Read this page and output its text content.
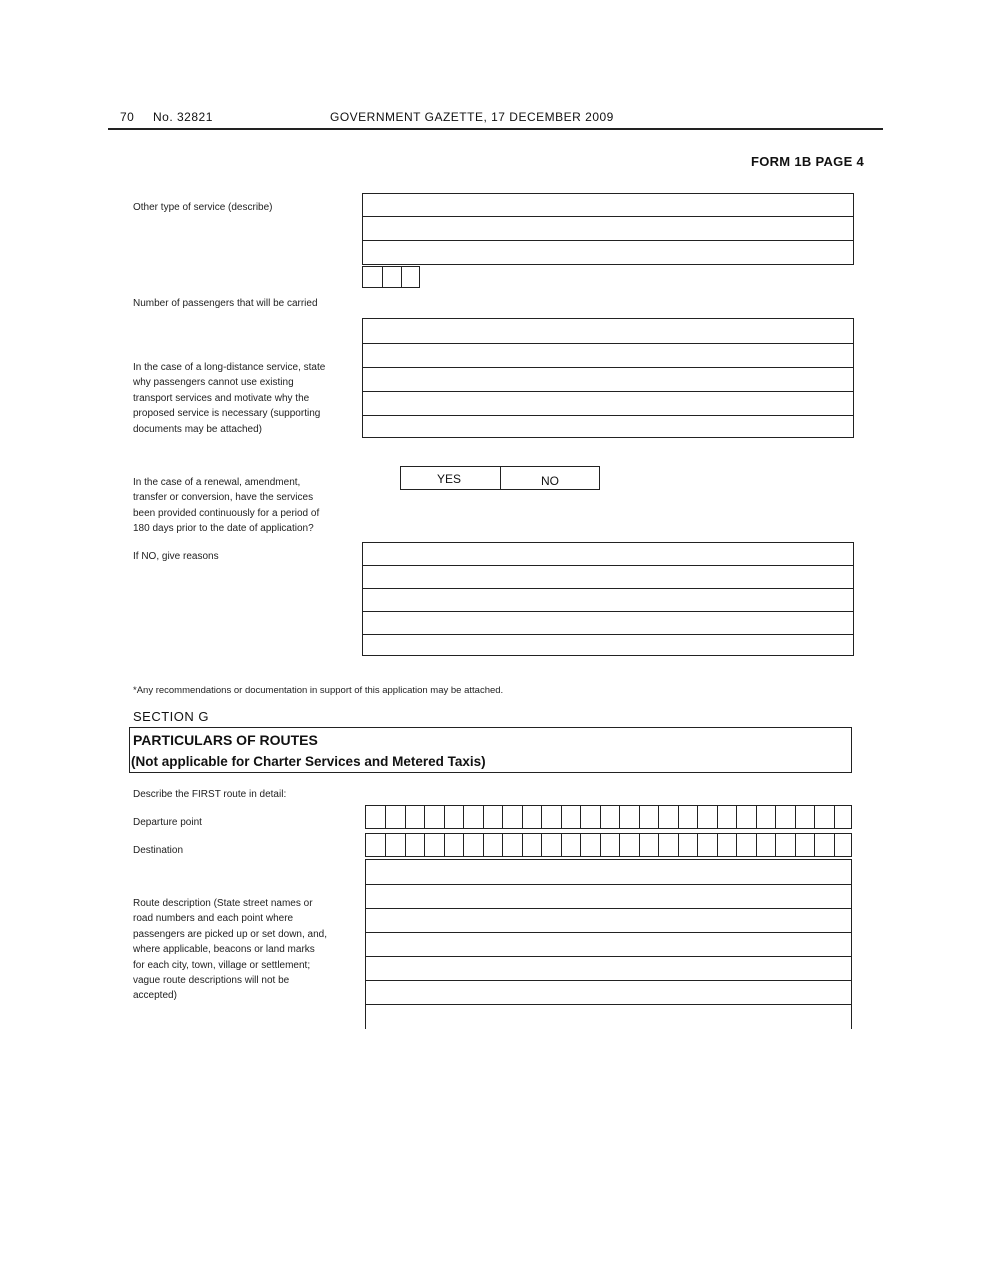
70 No. 32821	GOVERNMENT GAZETTE, 17 DECEMBER 2009
FORM 1B PAGE 4
Other type of service (describe)
Number of passengers that will be carried
In the case of a long-distance service, state
why passengers cannot use existing
transport services and motivate why the
proposed service is necessary (supporting
documents may be attached)
In the case of a renewal, amendment,
transfer or conversion, have the services
been provided continuously for a period of
180 days prior to the date of application?
YES	NO
If NO, give reasons
*Any recommendations or documentation in support of this application may be attached.
SECTION G
PARTICULARS OF ROUTES
(Not applicable for Charter Services and Metered Taxis)
Describe the FIRST route in detail:
Departure point
Destination
Route description (State street names or
road numbers and each point where
passengers are picked up or set down, and,
where applicable, beacons or land marks
for each city, town, village or settlement;
vague route descriptions will not be
accepted)
